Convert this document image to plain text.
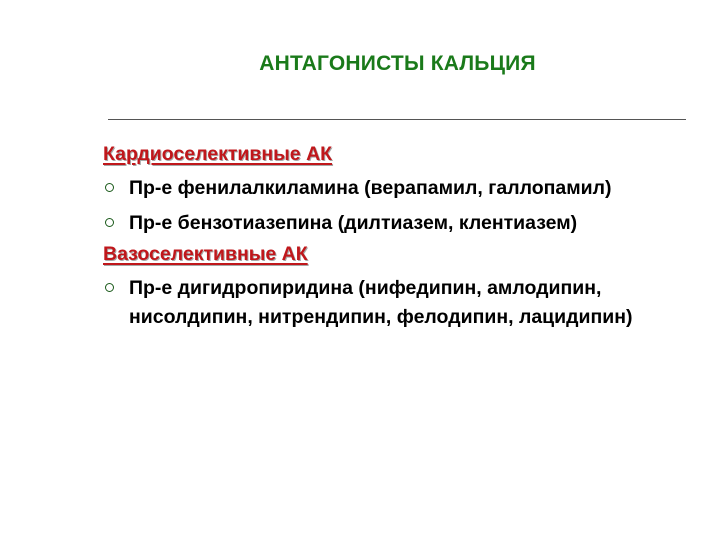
АНТАГОНИСТЫ КАЛЬЦИЯ
Кардиоселективные АК
Пр-е фенилалкиламина (верапамил, галлопамил)
Пр-е бензотиазепина (дилтиазем, клентиазем)
Вазоселективные АК
Пр-е дигидропиридина (нифедипин, амлодипин, нисолдипин, нитрендипин, фелодипин, лацидипин)
